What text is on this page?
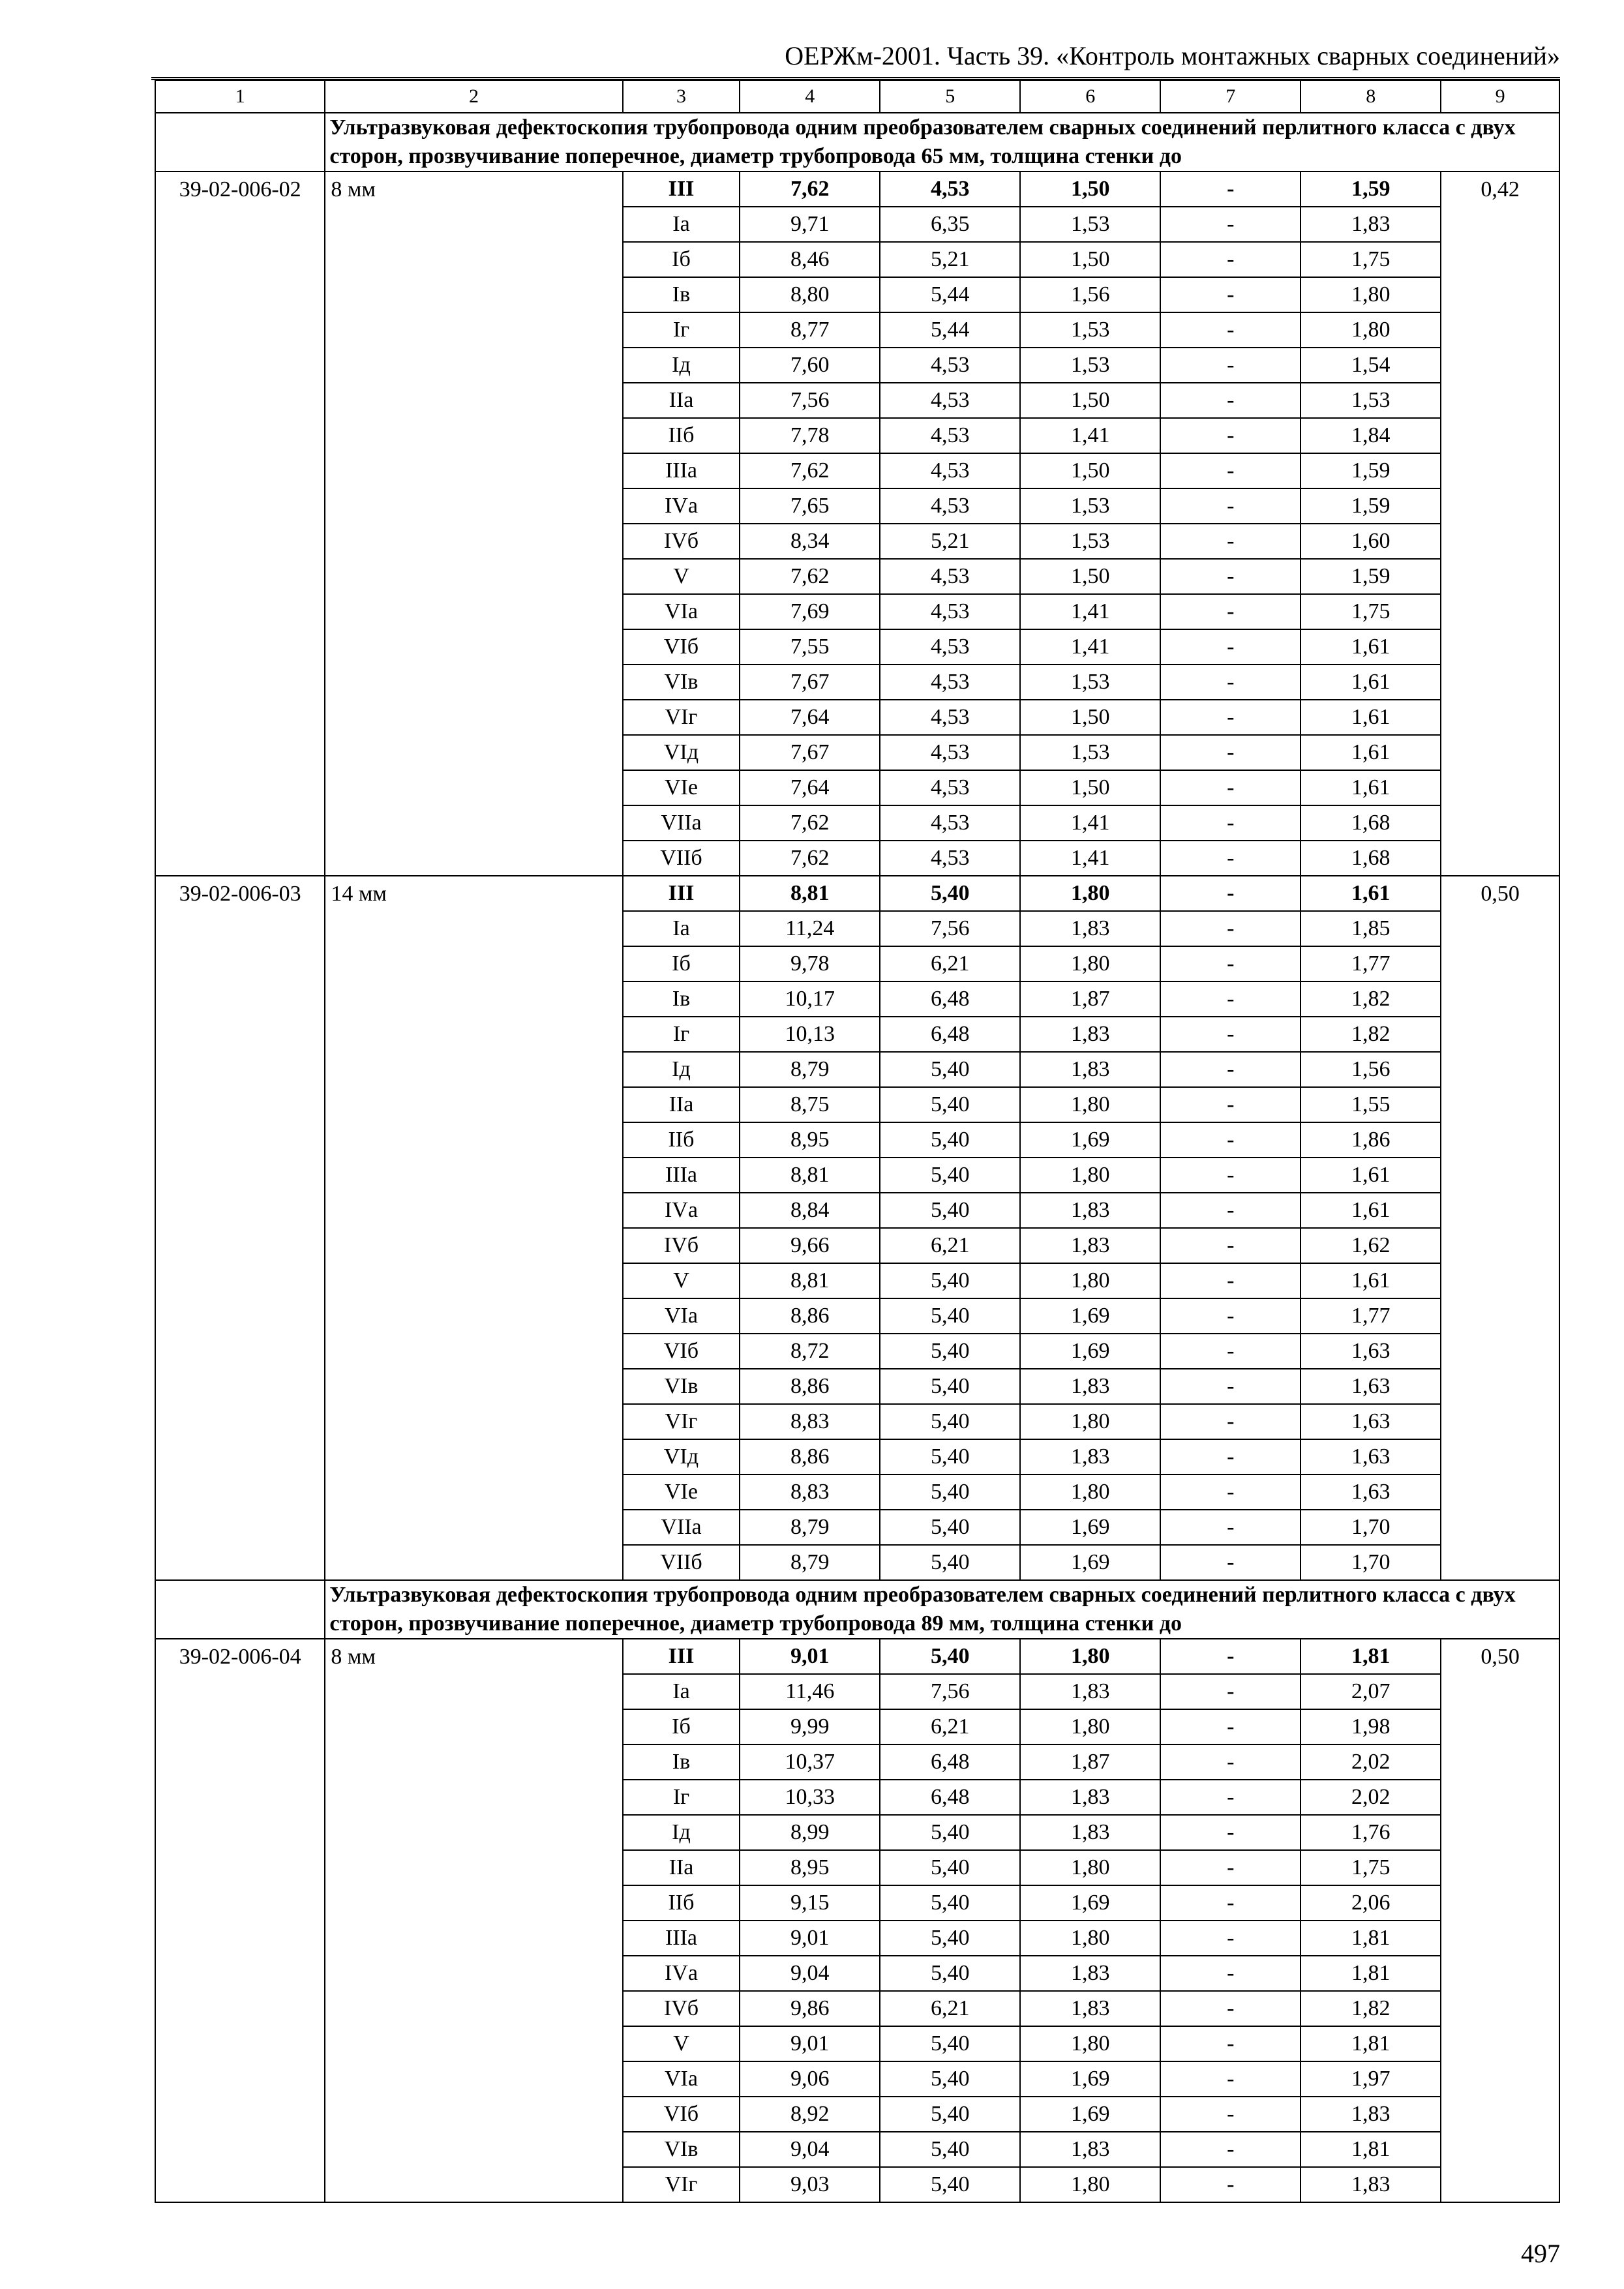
ОЕРЖм-2001. Часть 39. «Контроль монтажных сварных соединений»
1	2	3	4	5	6	7	8	9
	Ультразвуковая дефектоскопия трубопровода одним преобразователем сварных соединений перлитного класса с двух сторон, прозвучивание поперечное, диаметр трубопровода 65 мм, толщина стенки до							
39-02-006-02	8 мм	III	7,62	4,53	1,50	-	1,59	0,42
		Iа	9,71	6,35	1,53	-	1,83	
		Iб	8,46	5,21	1,50	-	1,75	
		Iв	8,80	5,44	1,56	-	1,80	
		Iг	8,77	5,44	1,53	-	1,80	
		Iд	7,60	4,53	1,53	-	1,54	
		IIа	7,56	4,53	1,50	-	1,53	
		IIб	7,78	4,53	1,41	-	1,84	
		IIIа	7,62	4,53	1,50	-	1,59	
		IVа	7,65	4,53	1,53	-	1,59	
		IVб	8,34	5,21	1,53	-	1,60	
		V	7,62	4,53	1,50	-	1,59	
		VIа	7,69	4,53	1,41	-	1,75	
		VIб	7,55	4,53	1,41	-	1,61	
		VIв	7,67	4,53	1,53	-	1,61	
		VIг	7,64	4,53	1,50	-	1,61	
		VIд	7,67	4,53	1,53	-	1,61	
		VIе	7,64	4,53	1,50	-	1,61	
		VIIа	7,62	4,53	1,41	-	1,68	
		VIIб	7,62	4,53	1,41	-	1,68	
39-02-006-03	14 мм	III	8,81	5,40	1,80	-	1,61	0,50
		Iа	11,24	7,56	1,83	-	1,85	
		Iб	9,78	6,21	1,80	-	1,77	
		Iв	10,17	6,48	1,87	-	1,82	
		Iг	10,13	6,48	1,83	-	1,82	
		Iд	8,79	5,40	1,83	-	1,56	
		IIа	8,75	5,40	1,80	-	1,55	
		IIб	8,95	5,40	1,69	-	1,86	
		IIIа	8,81	5,40	1,80	-	1,61	
		IVа	8,84	5,40	1,83	-	1,61	
		IVб	9,66	6,21	1,83	-	1,62	
		V	8,81	5,40	1,80	-	1,61	
		VIа	8,86	5,40	1,69	-	1,77	
		VIб	8,72	5,40	1,69	-	1,63	
		VIв	8,86	5,40	1,83	-	1,63	
		VIг	8,83	5,40	1,80	-	1,63	
		VIд	8,86	5,40	1,83	-	1,63	
		VIе	8,83	5,40	1,80	-	1,63	
		VIIа	8,79	5,40	1,69	-	1,70	
		VIIб	8,79	5,40	1,69	-	1,70	
	Ультразвуковая дефектоскопия трубопровода одним преобразователем сварных соединений перлитного класса с двух сторон, прозвучивание поперечное, диаметр трубопровода 89 мм, толщина стенки до							
39-02-006-04	8 мм	III	9,01	5,40	1,80	-	1,81	0,50
		Iа	11,46	7,56	1,83	-	2,07	
		Iб	9,99	6,21	1,80	-	1,98	
		Iв	10,37	6,48	1,87	-	2,02	
		Iг	10,33	6,48	1,83	-	2,02	
		Iд	8,99	5,40	1,83	-	1,76	
		IIа	8,95	5,40	1,80	-	1,75	
		IIб	9,15	5,40	1,69	-	2,06	
		IIIа	9,01	5,40	1,80	-	1,81	
		IVа	9,04	5,40	1,83	-	1,81	
		IVб	9,86	6,21	1,83	-	1,82	
		V	9,01	5,40	1,80	-	1,81	
		VIа	9,06	5,40	1,69	-	1,97	
		VIб	8,92	5,40	1,69	-	1,83	
		VIв	9,04	5,40	1,83	-	1,81	
		VIг	9,03	5,40	1,80	-	1,83	
497
